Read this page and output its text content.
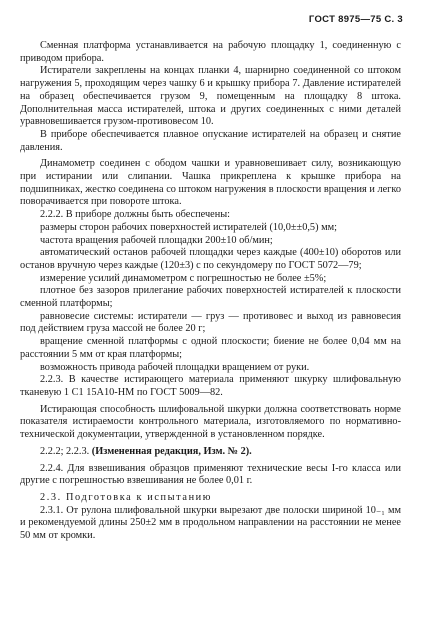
ГОСТ 8975—75 С. 3

Сменная платформа устанавливается на рабочую площадку 1, соединенную с приводом прибора.

Истиратели закреплены на концах планки 4, шарнирно соединенной со штоком нагружения 5, проходящим через чашку 6 и крышку прибора 7. Давление истирателей на образец обеспечивается грузом 9, помещенным на площадку 8 штока. Дополнительная масса истирателей, штока и других соединенных с ними деталей уравновешивается грузом-противовесом 10.

В приборе обеспечивается плавное опускание истирателей на образец и снятие давления.

Динамометр соединен с ободом чашки и уравновешивает силу, возникающую при истирании или слипании. Чашка прикреплена к крышке прибора на подшипниках, жестко соединена со штоком нагружения в плоскости вращения и легко поворачивается при повороте штока.

2.2.2. В приборе должны быть обеспечены:

размеры сторон рабочих поверхностей истирателей (10,0±±0,5) мм;

частота вращения рабочей площадки 200±10 об/мин;

автоматический останов рабочей площадки через каждые (400±10) оборотов или останов вручную через каждые (120±3) с по секундомеру по ГОСТ 5072—79;

измерение усилий динамометром с погрешностью не более ±5%;

плотное без зазоров прилегание рабочих поверхностей истирателей к плоскости сменной платформы;

равновесие системы: истиратели — груз — противовес и выход из равновесия под действием груза массой не более 20 г;

вращение сменной платформы с одной плоскости; биение не более 0,04 мм на расстоянии 5 мм от края платформы;

возможность привода рабочей площадки вращением от руки.

2.2.3. В качестве истирающего материала применяют шкурку шлифовальную тканевую 1 С1 15А10-НМ по ГОСТ 5009—82.

Истирающая способность шлифовальной шкурки должна соответствовать норме показателя истираемости контрольного материала, изготовляемого по нормативно-технической документации, утвержденной в установленном порядке.

2.2.2; 2.2.3. (Измененная редакция, Изм. № 2).

2.2.4. Для взвешивания образцов применяют технические весы I-го класса или другие с погрешностью взвешивания не более 0,01 г.

2.3. Подготовка к испытанию

2.3.1. От рулона шлифовальной шкурки вырезают две полоски шириной 10₋₁ мм и рекомендуемой длины 250±2 мм в продольном направлении на расстоянии не менее 50 мм от кромки.
